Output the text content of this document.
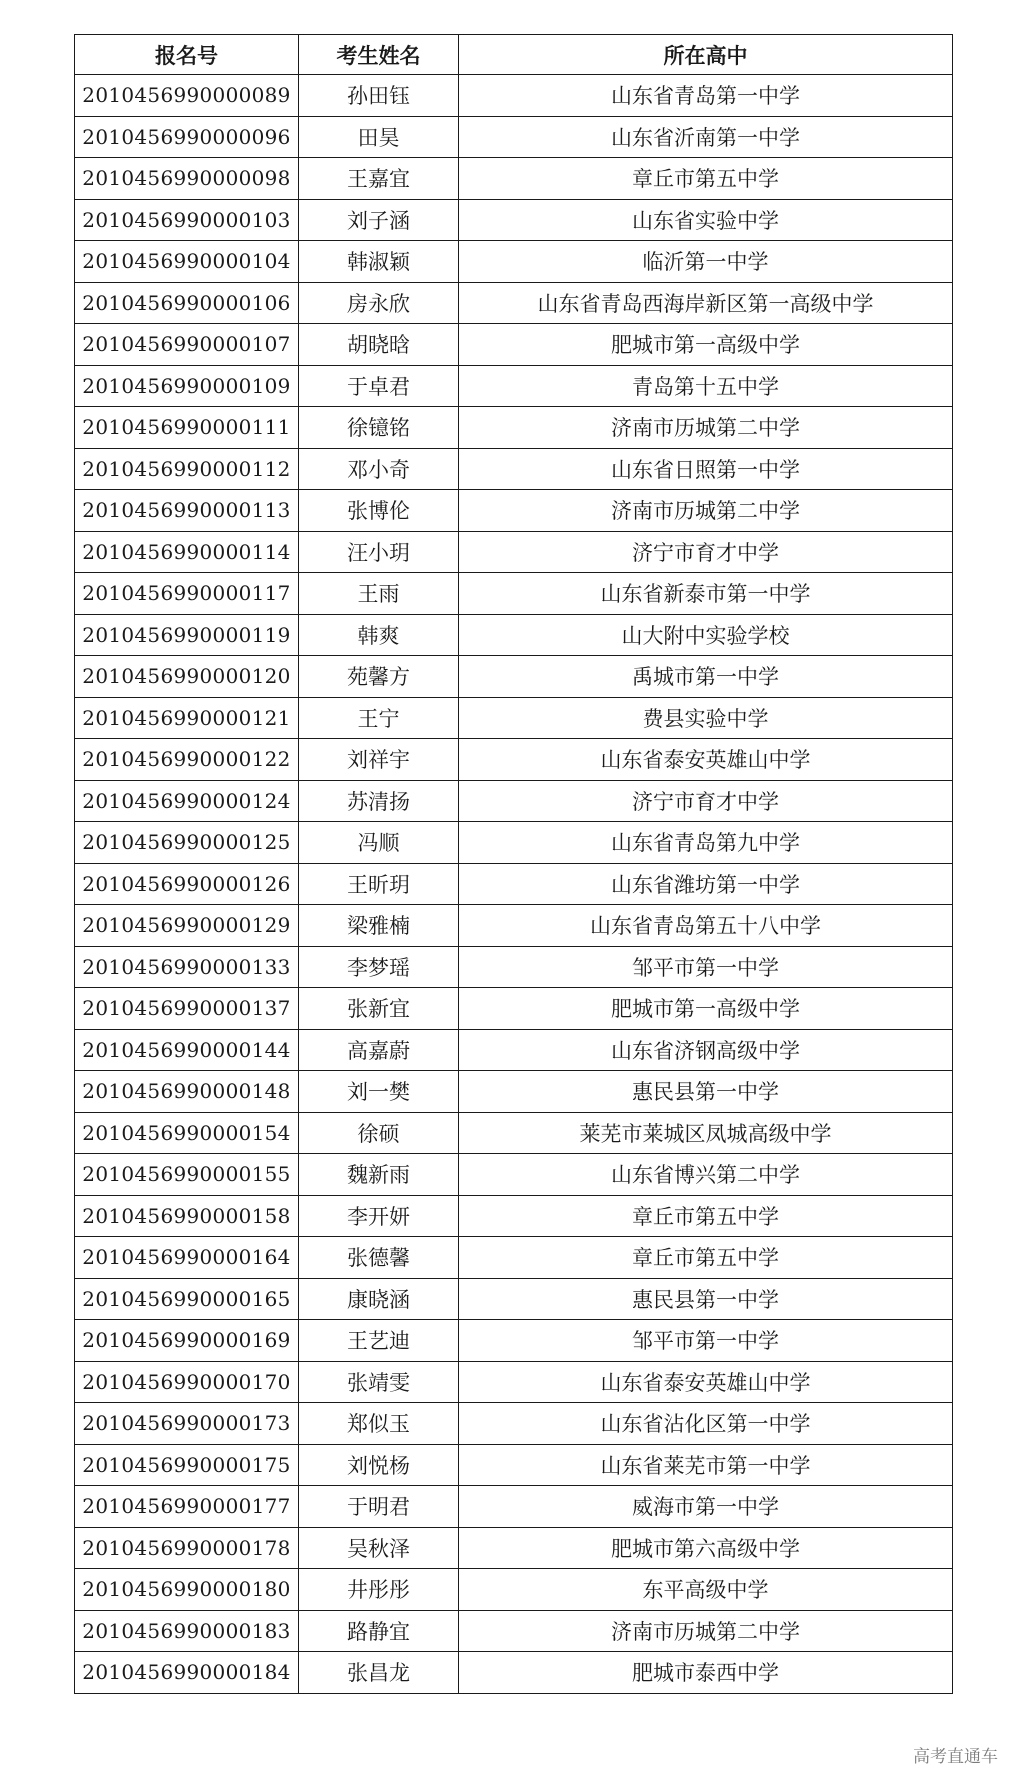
报名号	考生姓名	所在高中
2010456990000089	孙田钰	山东省青岛第一中学
2010456990000096	田昊	山东省沂南第一中学
2010456990000098	王嘉宜	章丘市第五中学
2010456990000103	刘子涵	山东省实验中学
2010456990000104	韩淑颖	临沂第一中学
2010456990000106	房永欣	山东省青岛西海岸新区第一高级中学
2010456990000107	胡晓晗	肥城市第一高级中学
2010456990000109	于卓君	青岛第十五中学
2010456990000111	徐镱铭	济南市历城第二中学
2010456990000112	邓小奇	山东省日照第一中学
2010456990000113	张博伦	济南市历城第二中学
2010456990000114	汪小玥	济宁市育才中学
2010456990000117	王雨	山东省新泰市第一中学
2010456990000119	韩爽	山大附中实验学校
2010456990000120	苑馨方	禹城市第一中学
2010456990000121	王宁	费县实验中学
2010456990000122	刘祥宇	山东省泰安英雄山中学
2010456990000124	苏清扬	济宁市育才中学
2010456990000125	冯顺	山东省青岛第九中学
2010456990000126	王昕玥	山东省潍坊第一中学
2010456990000129	梁雅楠	山东省青岛第五十八中学
2010456990000133	李梦瑶	邹平市第一中学
2010456990000137	张新宜	肥城市第一高级中学
2010456990000144	高嘉蔚	山东省济钢高级中学
2010456990000148	刘一樊	惠民县第一中学
2010456990000154	徐硕	莱芜市莱城区凤城高级中学
2010456990000155	魏新雨	山东省博兴第二中学
2010456990000158	李开妍	章丘市第五中学
2010456990000164	张德馨	章丘市第五中学
2010456990000165	康晓涵	惠民县第一中学
2010456990000169	王艺迪	邹平市第一中学
2010456990000170	张靖雯	山东省泰安英雄山中学
2010456990000173	郑似玉	山东省沾化区第一中学
2010456990000175	刘悦杨	山东省莱芜市第一中学
2010456990000177	于明君	威海市第一中学
2010456990000178	吴秋泽	肥城市第六高级中学
2010456990000180	井彤彤	东平高级中学
2010456990000183	路静宜	济南市历城第二中学
2010456990000184	张昌龙	肥城市泰西中学
高考直通车
